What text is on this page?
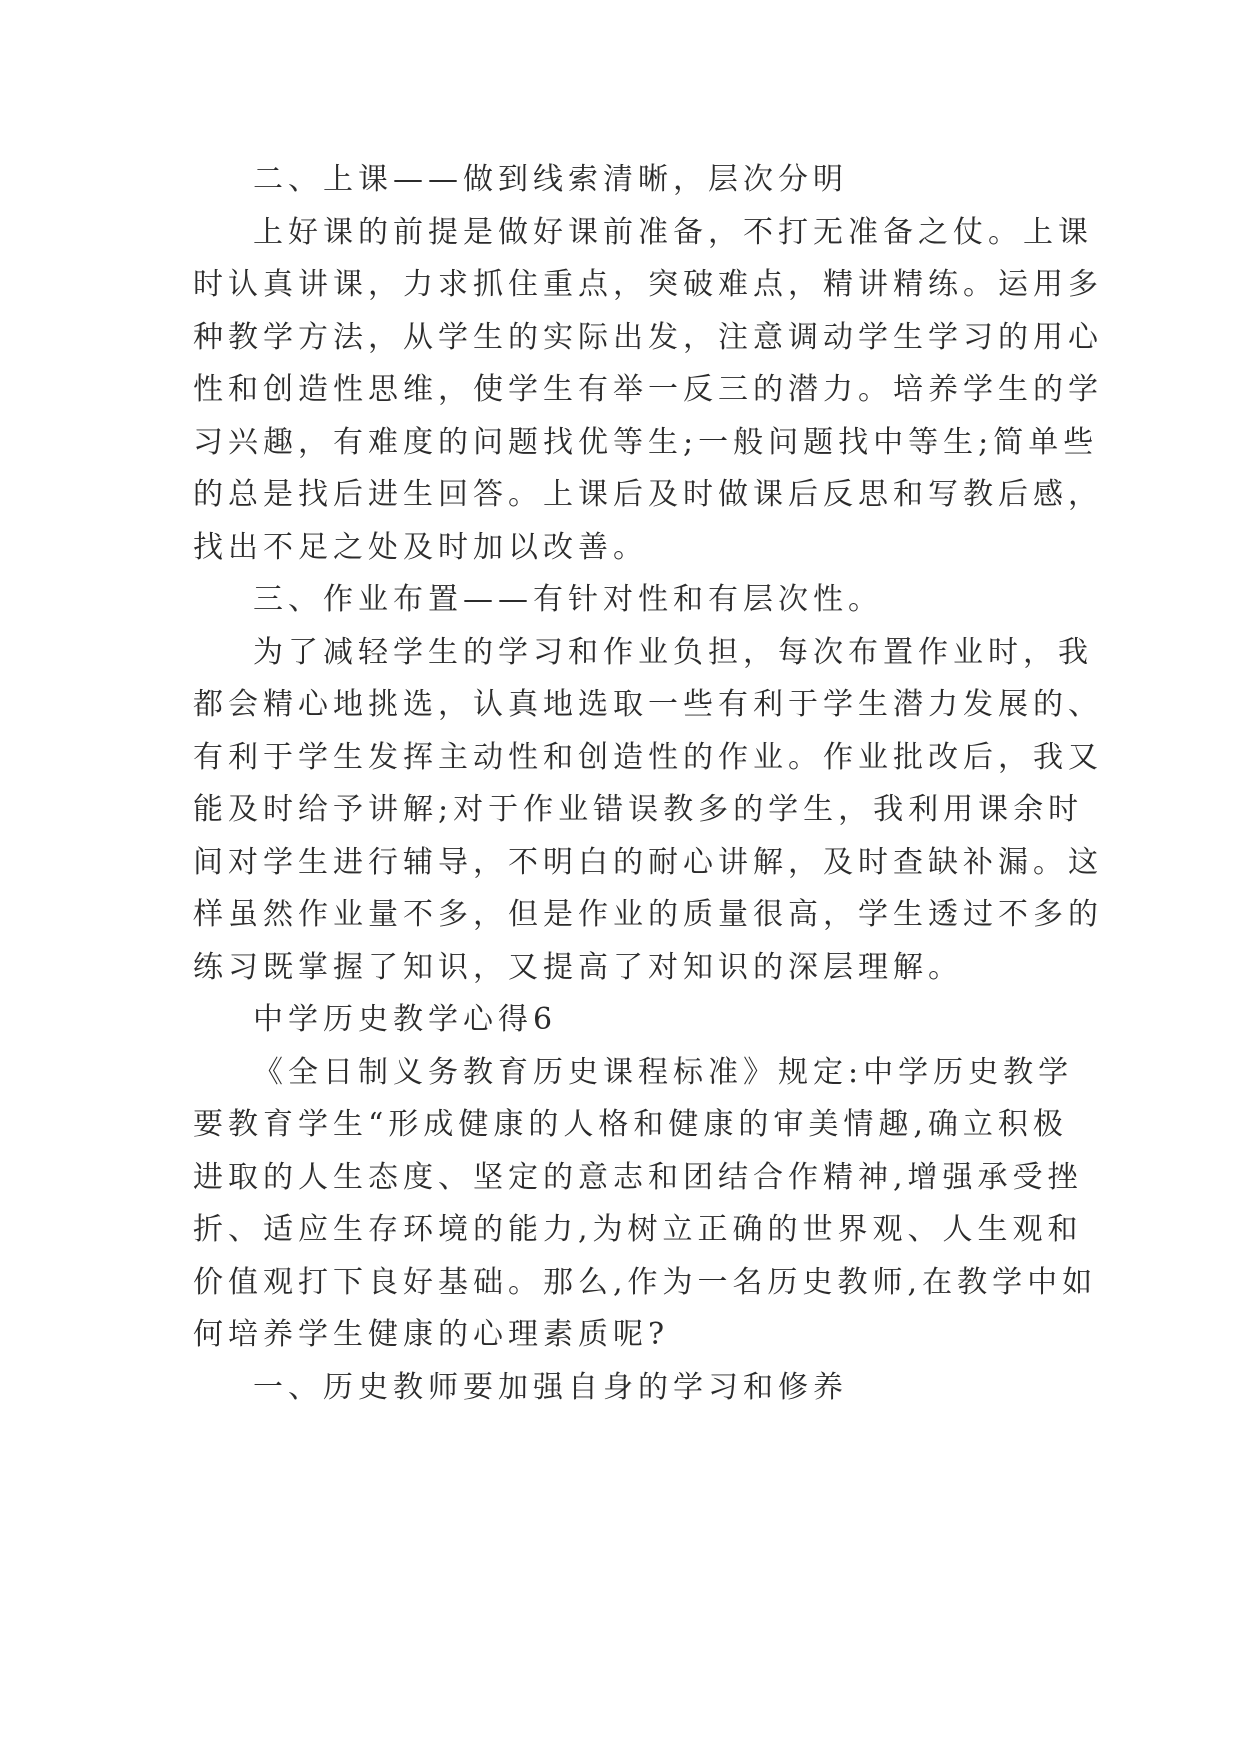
二、上课——做到线索清晰，层次分明

上好课的前提是做好课前准备，不打无准备之仗。上课
时认真讲课，力求抓住重点，突破难点，精讲精练。运用多
种教学方法，从学生的实际出发，注意调动学生学习的用心
性和创造性思维，使学生有举一反三的潜力。培养学生的学
习兴趣，有难度的问题找优等生;一般问题找中等生;简单些
的总是找后进生回答。上课后及时做课后反思和写教后感，
找出不足之处及时加以改善。

三、作业布置——有针对性和有层次性。

为了减轻学生的学习和作业负担，每次布置作业时，我
都会精心地挑选，认真地选取一些有利于学生潜力发展的、
有利于学生发挥主动性和创造性的作业。作业批改后，我又
能及时给予讲解;对于作业错误教多的学生，我利用课余时
间对学生进行辅导，不明白的耐心讲解，及时查缺补漏。这
样虽然作业量不多，但是作业的质量很高，学生透过不多的
练习既掌握了知识，又提高了对知识的深层理解。

中学历史教学心得6

《全日制义务教育历史课程标准》规定:中学历史教学
要教育学生“形成健康的人格和健康的审美情趣,确立积极
进取的人生态度、坚定的意志和团结合作精神,增强承受挫
折、适应生存环境的能力,为树立正确的世界观、人生观和
价值观打下良好基础。那么,作为一名历史教师,在教学中如
何培养学生健康的心理素质呢?

一、历史教师要加强自身的学习和修养
